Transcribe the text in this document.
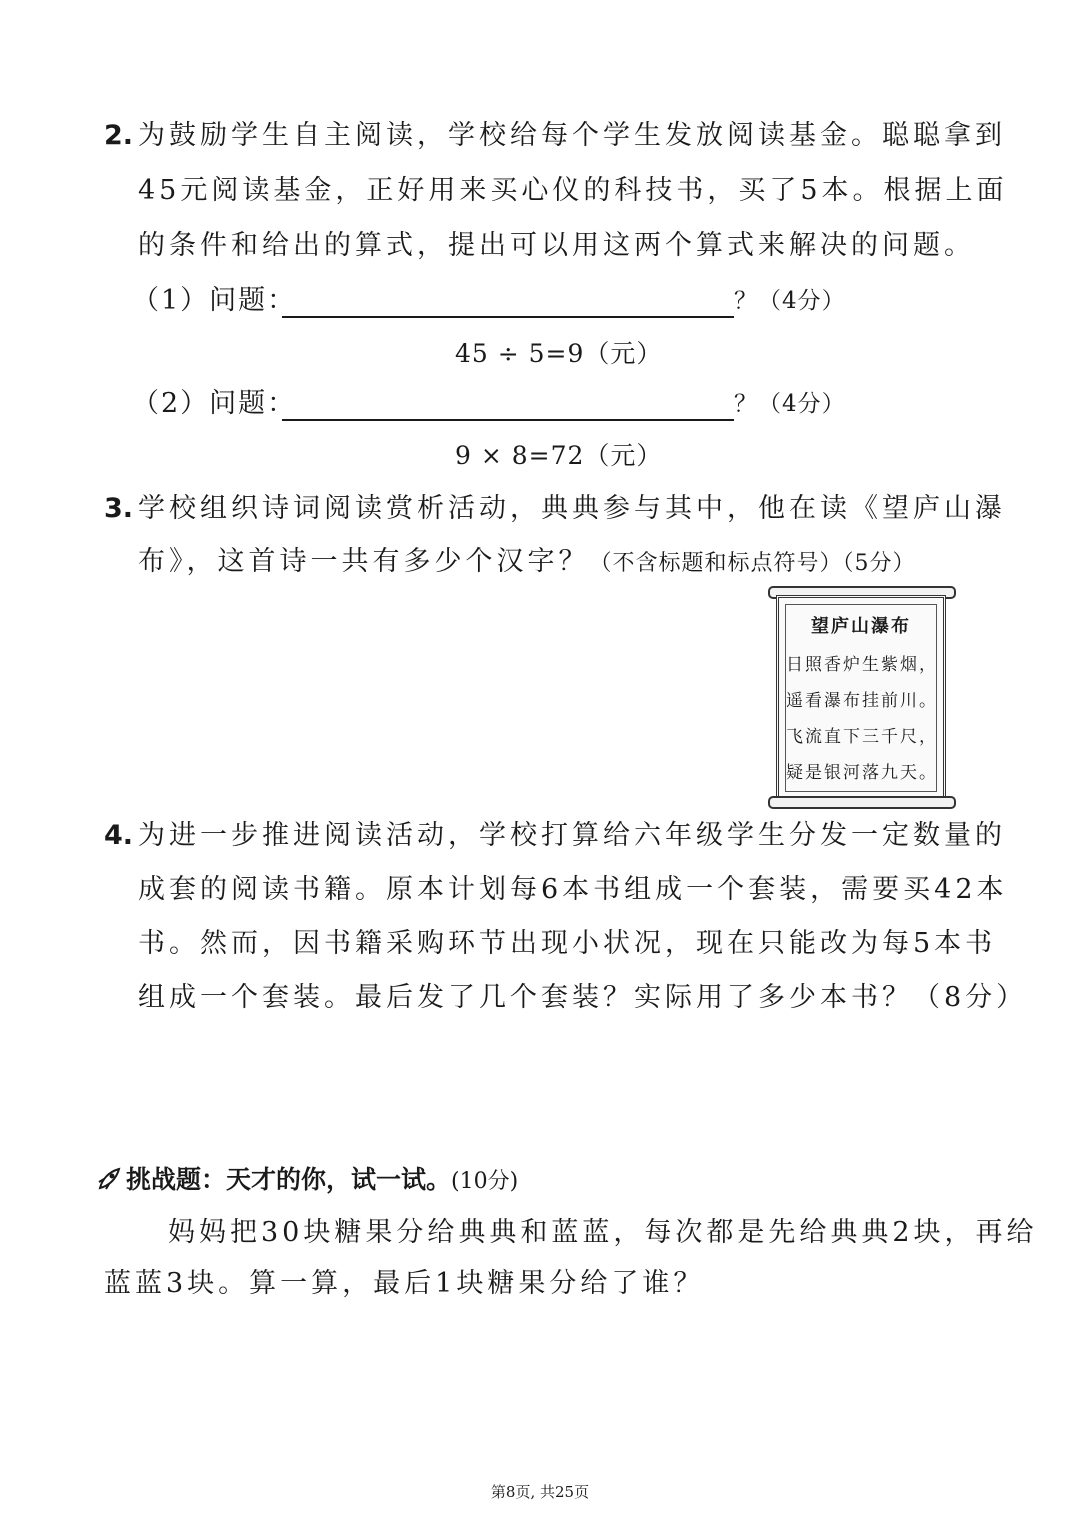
2. 为鼓励学生自主阅读，学校给每个学生发放阅读基金。聪聪拿到
45元阅读基金，正好用来买心仪的科技书，买了5本。根据上面
的条件和给出的算式，提出可以用这两个算式来解决的问题。
（1）问题：	？（4分）
45 ÷ 5=9（元）
（2）问题：	？（4分）
9 × 8=72（元）
3. 学校组织诗词阅读赏析活动，典典参与其中，他在读《望庐山瀑
布》，这首诗一共有多少个汉字？（不含标题和标点符号）（5分）
望庐山瀑布
日照香炉生紫烟，
遥看瀑布挂前川。
飞流直下三千尺，
疑是银河落九天。
4. 为进一步推进阅读活动，学校打算给六年级学生分发一定数量的
成套的阅读书籍。原本计划每6本书组成一个套装，需要买42本
书。然而，因书籍采购环节出现小状况，现在只能改为每5本书
组成一个套装。最后发了几个套装？实际用了多少本书？（8分）
挑战题：天才的你，试一试。(10分)
妈妈把30块糖果分给典典和蓝蓝，每次都是先给典典2块，再给
蓝蓝3块。算一算，最后1块糖果分给了谁？
第8页, 共25页
